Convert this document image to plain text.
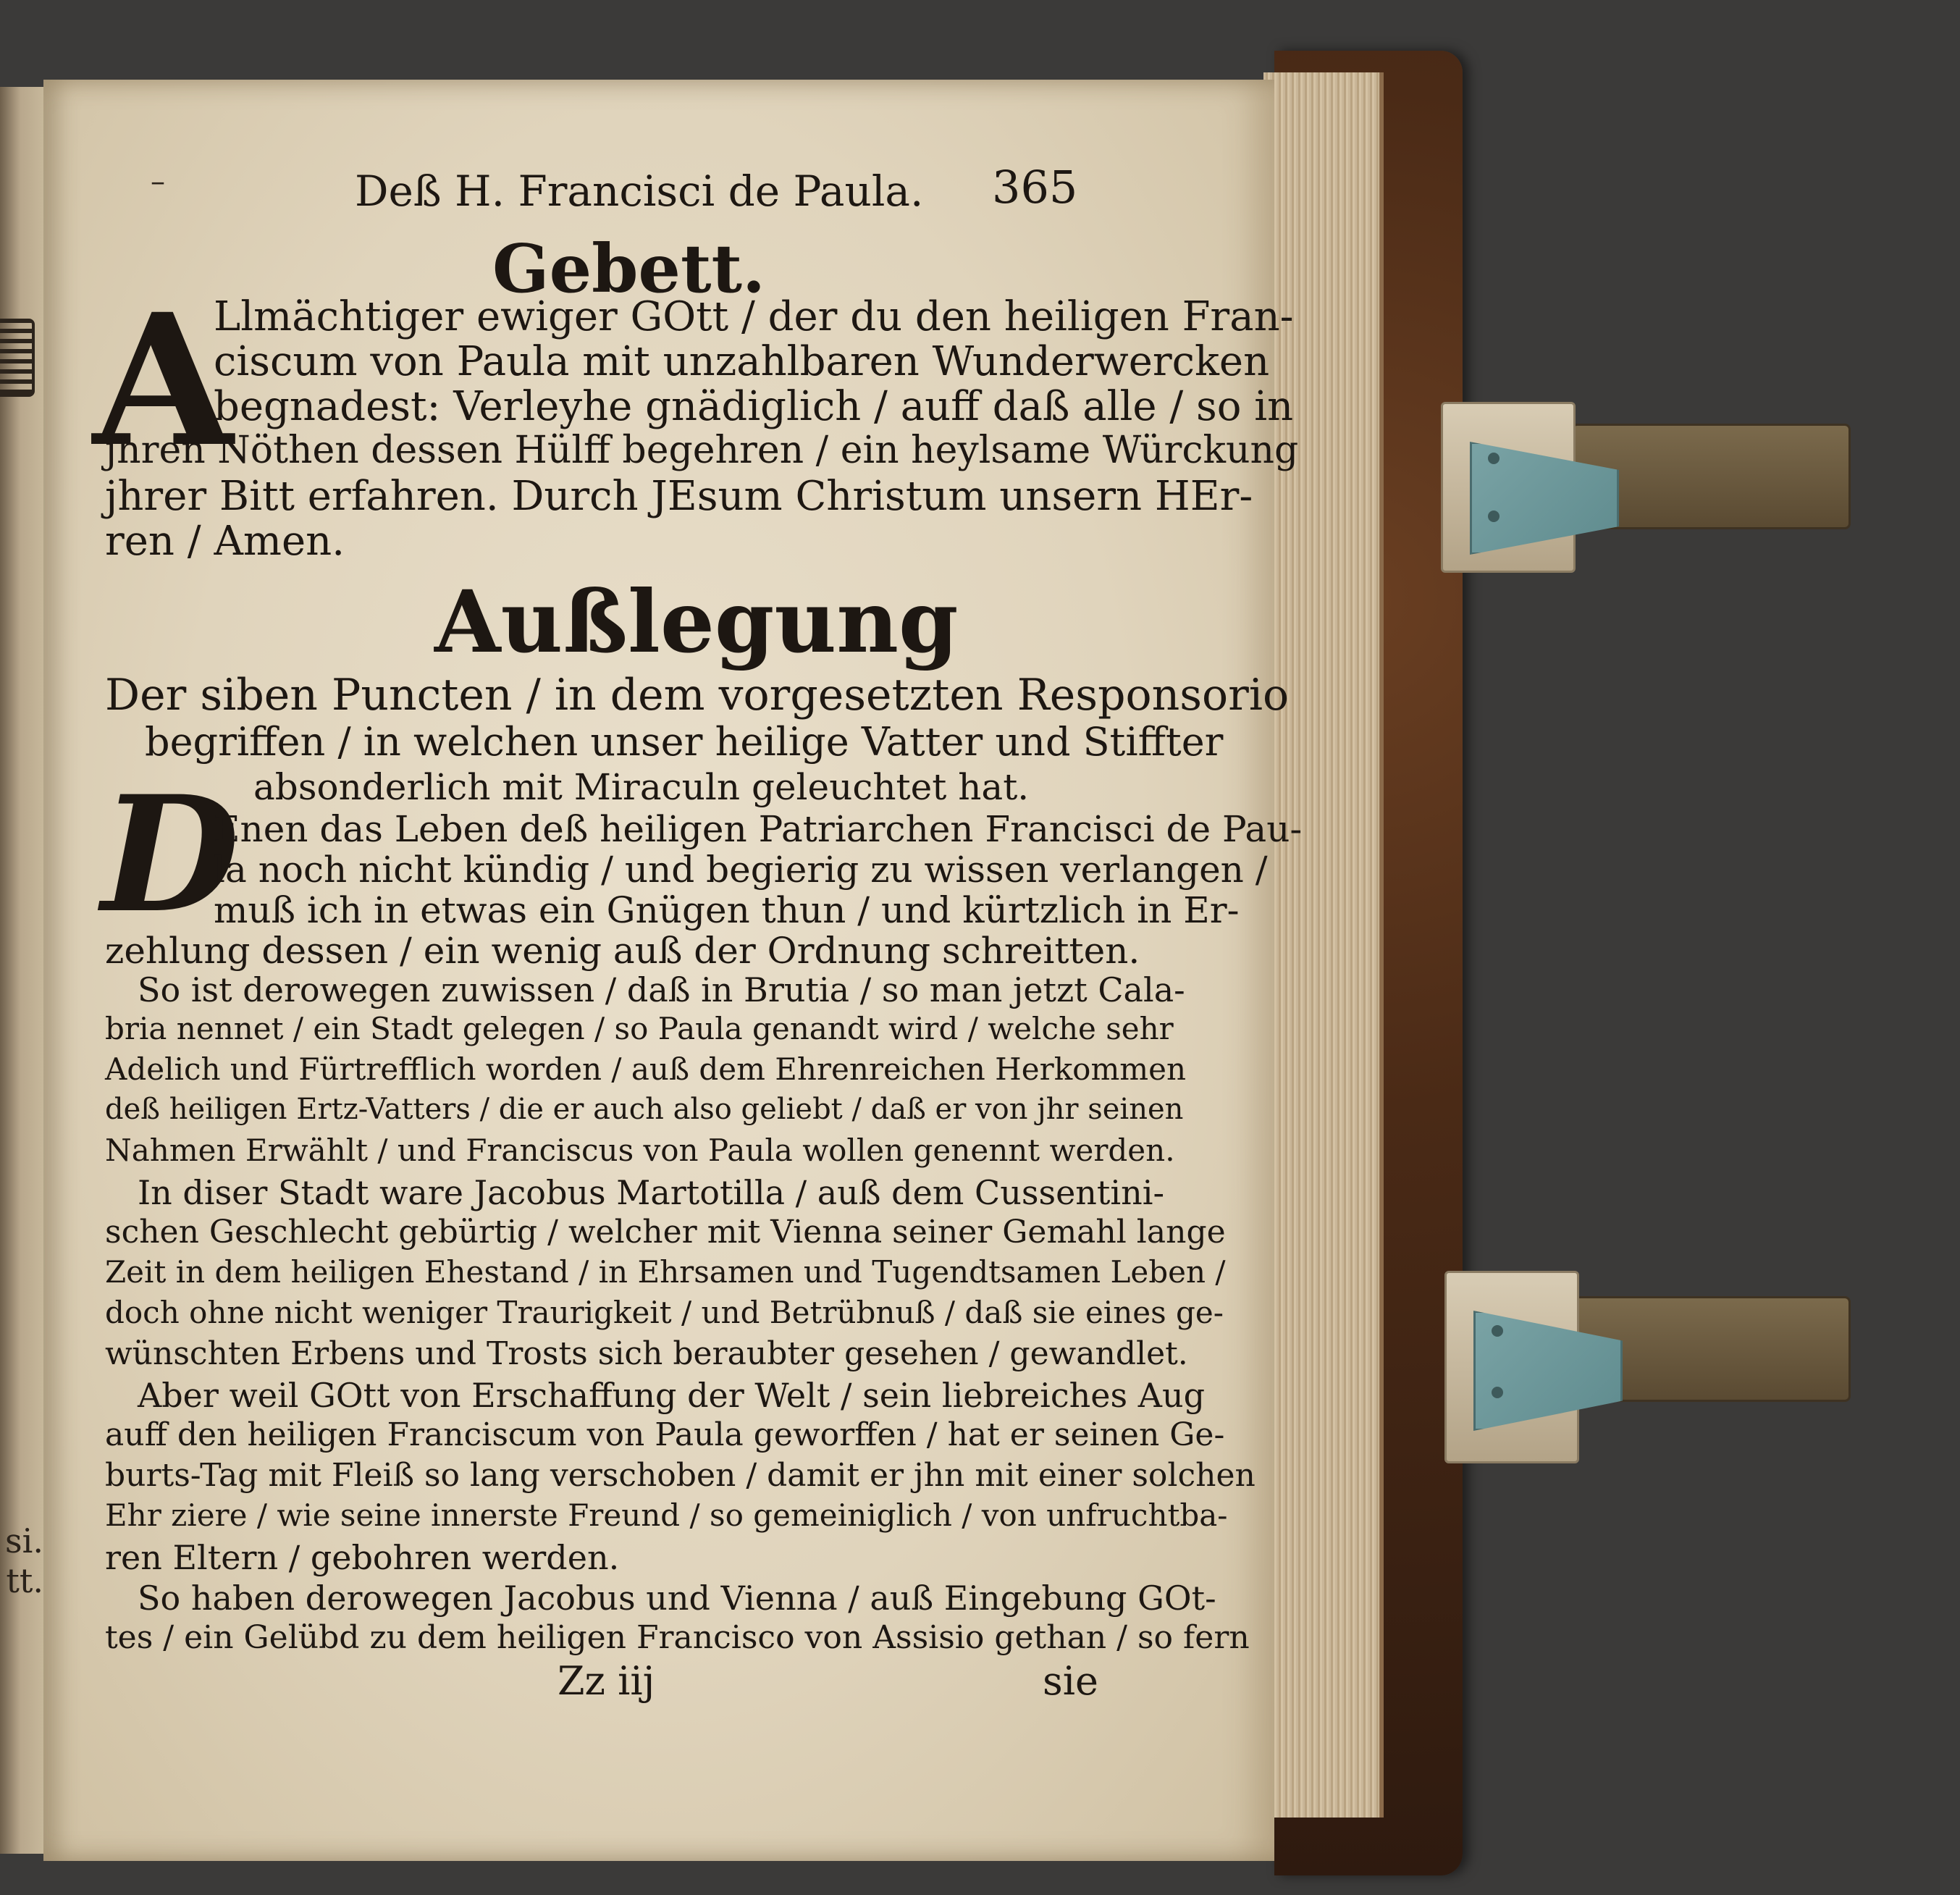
si.
tt.
–	Deß H. Francisci de Paula. 365
Gebett.
A
Llmächtiger ewiger GOtt / der du den heiligen Fran-
ciscum von Paula mit unzahlbaren Wunderwercken
begnadest: Verleyhe gnädiglich / auff daß alle / so in
jhren Nöthen dessen Hülff begehren / ein heylsame Würckung
jhrer Bitt erfahren. Durch JEsum Christum unsern HEr-
ren / Amen.
Außlegung
Der siben Puncten / in dem vorgesetzten Responsorio
begriffen / in welchen unser heilige Vatter und Stiffter
absonderlich mit Miraculn geleuchtet hat.
D
Enen das Leben deß heiligen Patriarchen Francisci de Pau-
la noch nicht kündig / und begierig zu wissen verlangen /
muß ich in etwas ein Gnügen thun / und kürtzlich in Er-
zehlung dessen / ein wenig auß der Ordnung schreitten.
So ist derowegen zuwissen / daß in Brutia / so man jetzt Cala-
bria nennet / ein Stadt gelegen / so Paula genandt wird / welche sehr
Adelich und Fürtrefflich worden / auß dem Ehrenreichen Herkommen
deß heiligen Ertz-Vatters / die er auch also geliebt / daß er von jhr seinen
Nahmen Erwählt / und Franciscus von Paula wollen genennt werden.
In diser Stadt ware Jacobus Martotilla / auß dem Cussentini-
schen Geschlecht gebürtig / welcher mit Vienna seiner Gemahl lange
Zeit in dem heiligen Ehestand / in Ehrsamen und Tugendtsamen Leben /
doch ohne nicht weniger Traurigkeit / und Betrübnuß / daß sie eines ge-
wünschten Erbens und Trosts sich beraubter gesehen / gewandlet.
Aber weil GOtt von Erschaffung der Welt / sein liebreiches Aug
auff den heiligen Franciscum von Paula geworffen / hat er seinen Ge-
burts-Tag mit Fleiß so lang verschoben / damit er jhn mit einer solchen
Ehr ziere / wie seine innerste Freund / so gemeiniglich / von unfruchtba-
ren Eltern / gebohren werden.
So haben derowegen Jacobus und Vienna / auß Eingebung GOt-
tes / ein Gelübd zu dem heiligen Francisco von Assisio gethan / so fern
Zz iij	sie
